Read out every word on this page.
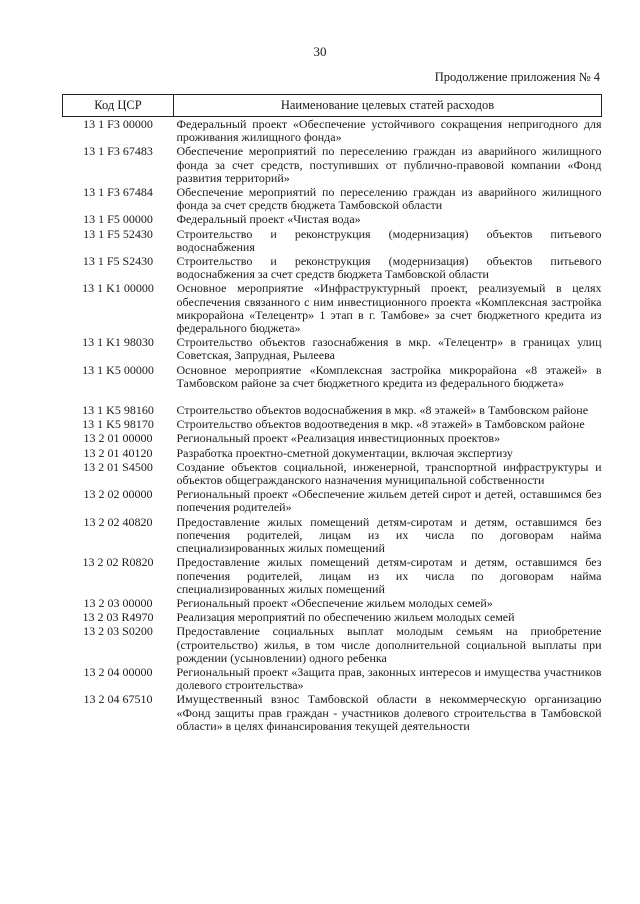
30
Продолжение приложения № 4
Код ЦСР	Наименование целевых статей расходов
13 1 F3 00000	Федеральный проект «Обеспечение устойчивого сокращения непригодного для проживания жилищного фонда»
13 1 F3 67483	Обеспечение мероприятий по переселению граждан из аварийного жилищного фонда за счет средств, поступивших от публично-правовой компании «Фонд развития территорий»
13 1 F3 67484	Обеспечение мероприятий по переселению граждан из аварийного жилищного фонда за счет средств бюджета Тамбовской области
13 1 F5 00000	Федеральный проект «Чистая вода»
13 1 F5 52430	Строительство и реконструкция (модернизация) объектов питьевого водоснабжения
13 1 F5 S2430	Строительство и реконструкция (модернизация) объектов питьевого водоснабжения за счет средств бюджета Тамбовской области
13 1 K1 00000	Основное мероприятие «Инфраструктурный проект, реализуемый в целях обеспечения связанного с ним инвестиционного проекта «Комплексная застройка микрорайона «Телецентр» 1 этап в г. Тамбове» за счет бюджетного кредита из федерального бюджета»
13 1 K1 98030	Строительство объектов газоснабжения в мкр. «Телецентр» в границах улиц Советская, Запрудная, Рылеева
13 1 K5 00000	Основное мероприятие «Комплексная застройка микрорайона «8 этажей» в Тамбовском районе за счет бюджетного кредита из федерального бюджета»
13 1 K5 98160	Строительство объектов водоснабжения в мкр. «8 этажей» в Тамбовском районе
13 1 K5 98170	Строительство объектов водоотведения в мкр. «8 этажей» в Тамбовском районе
13 2 01 00000	Региональный проект «Реализация инвестиционных проектов»
13 2 01 40120	Разработка проектно-сметной документации, включая экспертизу
13 2 01 S4500	Создание объектов социальной, инженерной, транспортной инфраструктуры и объектов общегражданского назначения муниципальной собственности
13 2 02 00000	Региональный проект «Обеспечение жильем детей сирот и детей, оставшимся без попечения родителей»
13 2 02 40820	Предоставление жилых помещений детям-сиротам и детям, оставшимся без попечения родителей, лицам из их числа по договорам найма специализированных жилых помещений
13 2 02 R0820	Предоставление жилых помещений детям-сиротам и детям, оставшимся без попечения родителей, лицам из их числа по договорам найма специализированных жилых помещений
13 2 03 00000	Региональный проект «Обеспечение жильем молодых семей»
13 2 03 R4970	Реализация мероприятий по обеспечению жильем молодых семей
13 2 03 S0200	Предоставление социальных выплат молодым семьям на приобретение (строительство) жилья, в том числе дополнительной социальной выплаты при рождении (усыновлении) одного ребенка
13 2 04 00000	Региональный проект «Защита прав, законных интересов и имущества участников долевого строительства»
13 2 04 67510	Имущественный взнос Тамбовской области в некоммерческую организацию «Фонд защиты прав граждан - участников долевого строительства в Тамбовской области» в целях финансирования текущей деятельности
